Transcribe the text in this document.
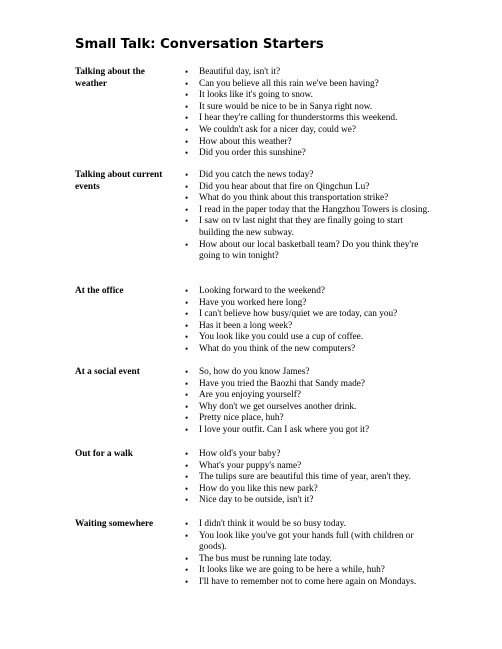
Small Talk: Conversation Starters
Talking about the weather
• Beautiful day, isn't it?
• Can you believe all this rain we've been having?
• It looks like it's going to snow.
• It sure would be nice to be in Sanya right now.
• I hear they're calling for thunderstorms this weekend.
• We couldn't ask for a nicer day, could we?
• How about this weather?
• Did you order this sunshine?
Talking about current events
• Did you catch the news today?
• Did you hear about that fire on Qingchun Lu?
• What do you think about this transportation strike?
• I read in the paper today that the Hangzhou Towers is closing.
• I saw on tv last night that they are finally going to start building the new subway.
• How about our local basketball team? Do you think they're going to win tonight?
At the office	• Looking forward to the weekend?
• Have you worked here long?
• I can't believe how busy/quiet we are today, can you?
• Has it been a long week?
• You look like you could use a cup of coffee.
• What do you think of the new computers?
At a social event	• So, how do you know James?
• Have you tried the Baozhi that Sandy made?
• Are you enjoying yourself?
• Why don't we get ourselves another drink.
• Pretty nice place, huh?
• I love your outfit. Can I ask where you got it?
Out for a walk	• How old's your baby?
• What's your puppy's name?
• The tulips sure are beautiful this time of year, aren't they.
• How do you like this new park?
• Nice day to be outside, isn't it?
Waiting somewhere	• I didn't think it would be so busy today.
• You look like you've got your hands full (with children or goods).
• The bus must be running late today.
• It looks like we are going to be here a while, huh?
• I'll have to remember not to come here again on Mondays.
